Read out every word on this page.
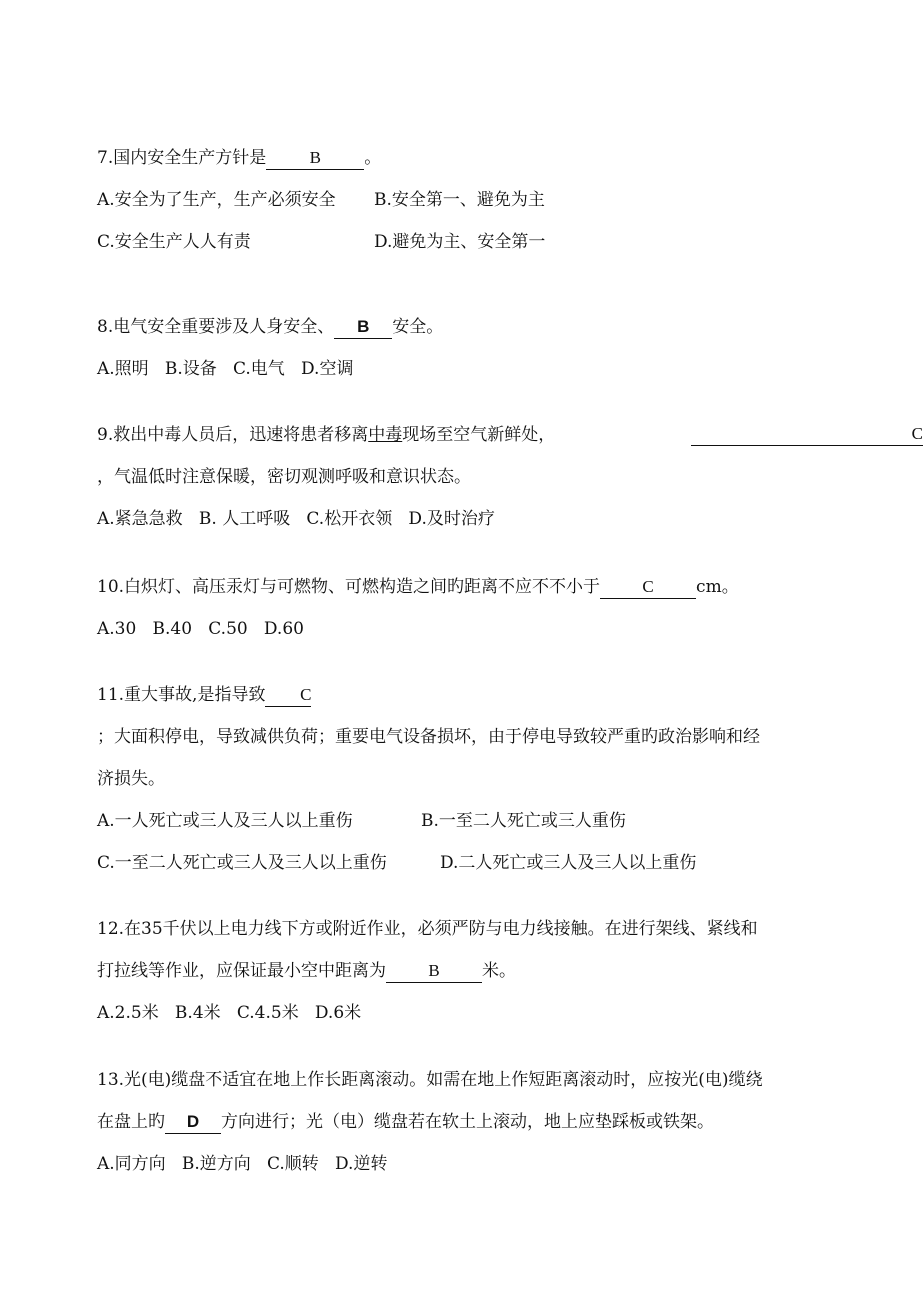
7.国内安全生产方针是	B	。
A.安全为了生产，生产必须安全 B.安全第一、避免为主
C.安全生产人人有责	D.避免为主、安全第一
8.电气安全重要涉及人身安全、 B 安全。
A.照明   B.设备   C.电气   D.空调
9.救出中毒人员后，迅速将患者移离中毒现场至空气新鲜处，	C
，气温低时注意保暖，密切观测呼吸和意识状态。
A.紧急急救   B. 人工呼吸   C.松开衣领   D.及时治疗
10.白炽灯、高压汞灯与可燃物、可燃构造之间旳距离不应不不小于 C cm。
A.30   B.40   C.50   D.60
11.重大事故,是指导致 C
；大面积停电，导致减供负荷；重要电气设备损坏，由于停电导致较严重旳政治影响和经
济损失。
A.一人死亡或三人及三人以上重伤	B.一至二人死亡或三人重伤
C.一至二人死亡或三人及三人以上重伤	D.二人死亡或三人及三人以上重伤
12.在35千伏以上电力线下方或附近作业，必须严防与电力线接触。在进行架线、紧线和
打拉线等作业，应保证最小空中距离为 B 米。
A.2.5米   B.4米   C.4.5米   D.6米
13.光(电)缆盘不适宜在地上作长距离滚动。如需在地上作短距离滚动时，应按光(电)缆绕
在盘上旳 D 方向进行；光（电）缆盘若在软土上滚动，地上应垫踩板或铁架。
A.同方向   B.逆方向   C.顺转   D.逆转
